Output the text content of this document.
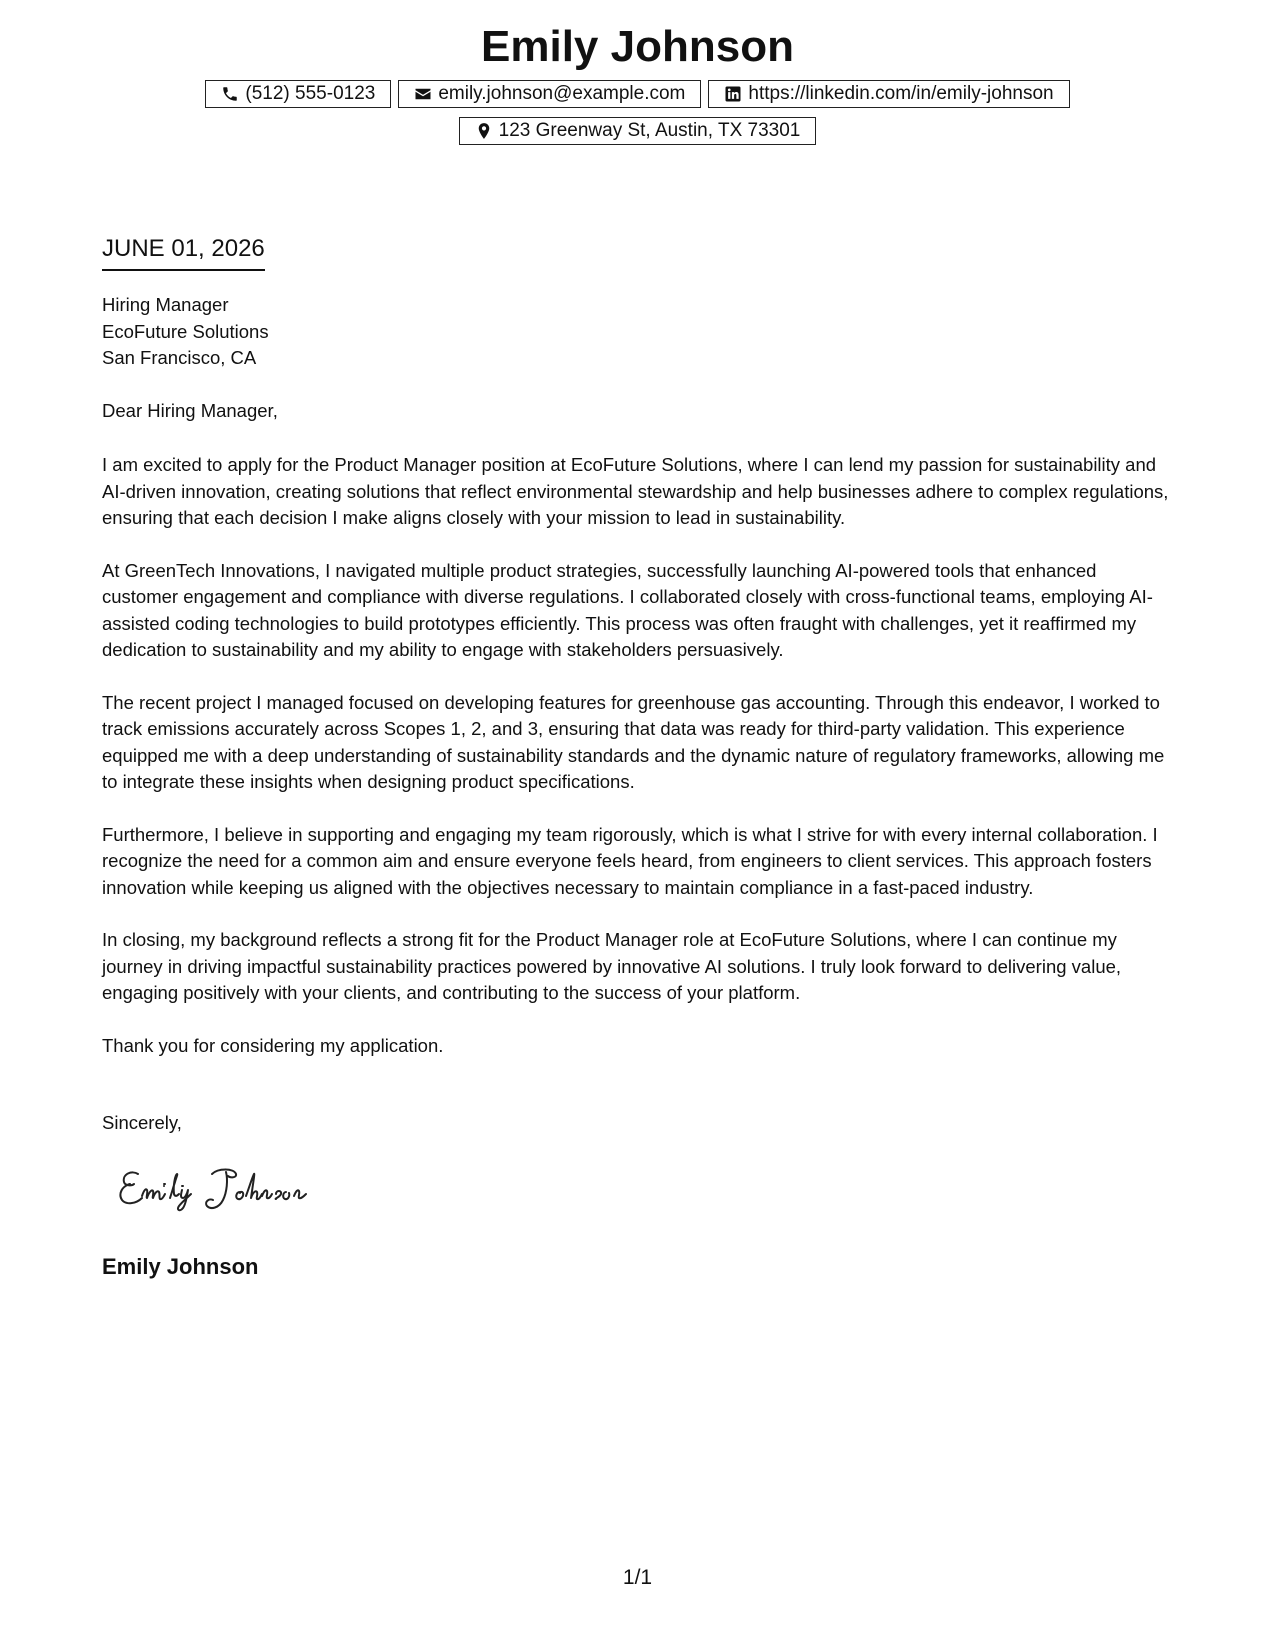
Emily Johnson
(512) 555-0123	emily.johnson@example.com	https://linkedin.com/in/emily-johnson
123 Greenway St, Austin, TX 73301
JUNE 01, 2026
Hiring Manager
EcoFuture Solutions
San Francisco, CA
Dear Hiring Manager,

I am excited to apply for the Product Manager position at EcoFuture Solutions, where I can lend my passion for sustainability and AI-driven innovation, creating solutions that reflect environmental stewardship and help businesses adhere to complex regulations, ensuring that each decision I make aligns closely with your mission to lead in sustainability.

At GreenTech Innovations, I navigated multiple product strategies, successfully launching AI-powered tools that enhanced customer engagement and compliance with diverse regulations. I collaborated closely with cross-functional teams, employing AI-assisted coding technologies to build prototypes efficiently. This process was often fraught with challenges, yet it reaffirmed my dedication to sustainability and my ability to engage with stakeholders persuasively.

The recent project I managed focused on developing features for greenhouse gas accounting. Through this endeavor, I worked to track emissions accurately across Scopes 1, 2, and 3, ensuring that data was ready for third-party validation. This experience equipped me with a deep understanding of sustainability standards and the dynamic nature of regulatory frameworks, allowing me to integrate these insights when designing product specifications.

Furthermore, I believe in supporting and engaging my team rigorously, which is what I strive for with every internal collaboration. I recognize the need for a common aim and ensure everyone feels heard, from engineers to client services. This approach fosters innovation while keeping us aligned with the objectives necessary to maintain compliance in a fast-paced industry.

In closing, my background reflects a strong fit for the Product Manager role at EcoFuture Solutions, where I can continue my journey in driving impactful sustainability practices powered by innovative AI solutions. I truly look forward to delivering value, engaging positively with your clients, and contributing to the success of your platform.

Thank you for considering my application.

Sincerely,
Emily Johnson
1/1
